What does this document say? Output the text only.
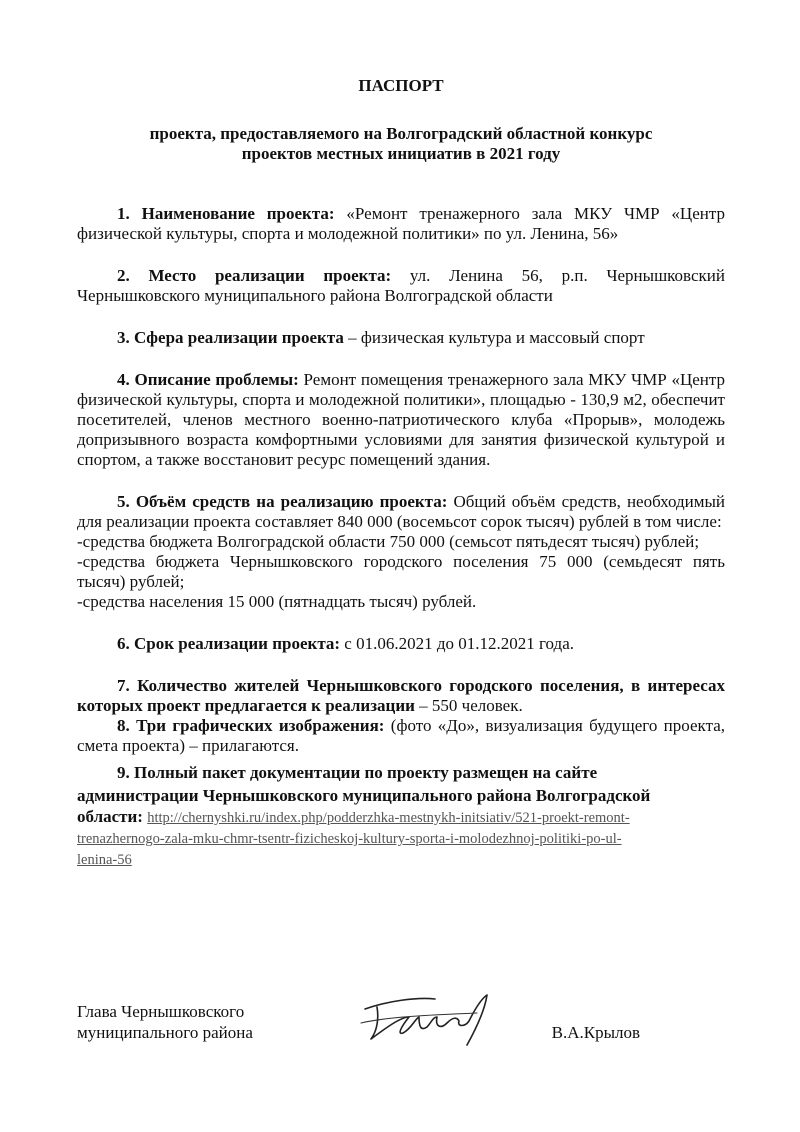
ПАСПОРТ

проекта, предоставляемого на Волгоградский областной конкурс
проектов местных инициатив в 2021 году

1. Наименование проекта: «Ремонт тренажерного зала МКУ ЧМР «Центр физической культуры, спорта и молодежной политики» по ул. Ленина, 56»

2. Место реализации проекта: ул. Ленина 56, р.п. Чернышковский Чернышковского муниципального района Волгоградской области

3. Сфера реализации проекта – физическая культура и массовый спорт

4. Описание проблемы: Ремонт помещения тренажерного зала МКУ ЧМР «Центр физической культуры, спорта и молодежной политики», площадью - 130,9 м2, обеспечит посетителей, членов местного военно-патриотического клуба «Прорыв», молодежь допризывного возраста комфортными условиями для занятия физической культурой и спортом, а также восстановит ресурс помещений здания.

5. Объём средств на реализацию проекта: Общий объём средств, необходимый для реализации проекта составляет 840 000 (восемьсот сорок тысяч) рублей в том числе:
-средства бюджета Волгоградской области 750 000 (семьсот пятьдесят тысяч) рублей;
-средства бюджета Чернышковского городского поселения 75 000 (семьдесят пять тысяч) рублей;
-средства населения 15 000 (пятнадцать тысяч) рублей.

6. Срок реализации проекта: с 01.06.2021 до 01.12.2021 года.

7. Количество жителей Чернышковского городского поселения, в интересах которых проект предлагается к реализации – 550 человек.

8. Три графических изображения: (фото «До», визуализация будущего проекта, смета проекта) – прилагаются.

9. Полный пакет документации по проекту размещен на сайте
администрации Чернышковского муниципального района Волгоградской
области: http://chernyshki.ru/index.php/podderzhka-mestnykh-initsiativ/521-proekt-remont-
trenazhernogo-zala-mku-chmr-tsentr-fizicheskoj-kultury-sporta-i-molodezhnoj-politiki-po-ul-
lenina-56
Глава Чернышковского
муниципального района	В.А.Крылов
